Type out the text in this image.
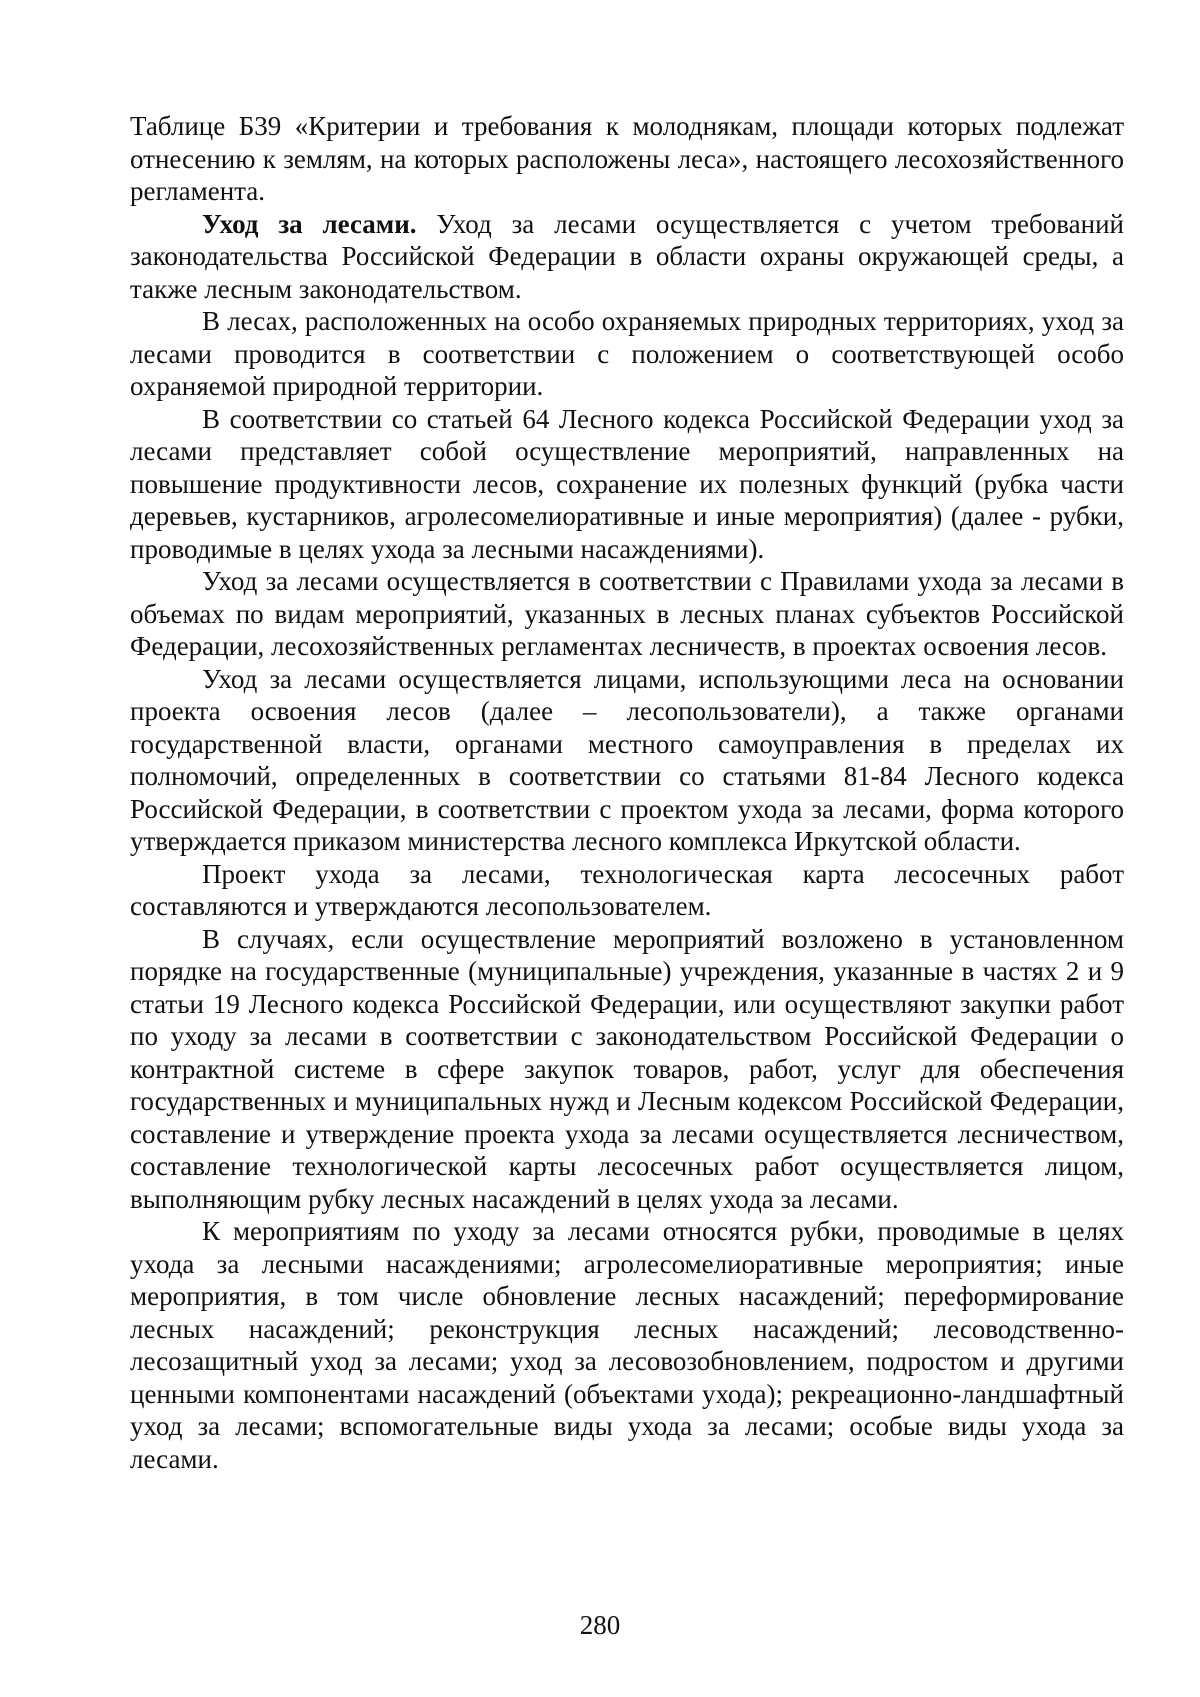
Таблице Б39 «Критерии и требования к молоднякам, площади которых подлежат отнесению к землям, на которых расположены леса», настоящего лесохозяйственного регламента.

Уход за лесами. Уход за лесами осуществляется с учетом требований законодательства Российской Федерации в области охраны окружающей среды, а также лесным законодательством.

В лесах, расположенных на особо охраняемых природных территориях, уход за лесами проводится в соответствии с положением о соответствующей особо охраняемой природной территории.

В соответствии со статьей 64 Лесного кодекса Российской Федерации уход за лесами представляет собой осуществление мероприятий, направленных на повышение продуктивности лесов, сохранение их полезных функций (рубка части деревьев, кустарников, агролесомелиоративные и иные мероприятия) (далее - рубки, проводимые в целях ухода за лесными насаждениями).

Уход за лесами осуществляется в соответствии с Правилами ухода за лесами в объемах по видам мероприятий, указанных в лесных планах субъектов Российской Федерации, лесохозяйственных регламентах лесничеств, в проектах освоения лесов.

Уход за лесами осуществляется лицами, использующими леса на основании проекта освоения лесов (далее – лесопользователи), а также органами государственной власти, органами местного самоуправления в пределах их полномочий, определенных в соответствии со статьями 81-84 Лесного кодекса Российской Федерации, в соответствии с проектом ухода за лесами, форма которого утверждается приказом министерства лесного комплекса Иркутской области.

Проект ухода за лесами, технологическая карта лесосечных работ составляются и утверждаются лесопользователем.

В случаях, если осуществление мероприятий возложено в установленном порядке на государственные (муниципальные) учреждения, указанные в частях 2 и 9 статьи 19 Лесного кодекса Российской Федерации, или осуществляют закупки работ по уходу за лесами в соответствии с законодательством Российской Федерации о контрактной системе в сфере закупок товаров, работ, услуг для обеспечения государственных и муниципальных нужд и Лесным кодексом Российской Федерации, составление и утверждение проекта ухода за лесами осуществляется лесничеством, составление технологической карты лесосечных работ осуществляется лицом, выполняющим рубку лесных насаждений в целях ухода за лесами.

К мероприятиям по уходу за лесами относятся рубки, проводимые в целях ухода за лесными насаждениями; агролесомелиоративные мероприятия; иные мероприятия, в том числе обновление лесных насаждений; переформирование лесных насаждений; реконструкция лесных насаждений; лесоводственно-лесозащитный уход за лесами; уход за лесовозобновлением, подростом и другими ценными компонентами насаждений (объектами ухода); рекреационно-ландшафтный уход за лесами; вспомогательные виды ухода за лесами; особые виды ухода за лесами.

280
